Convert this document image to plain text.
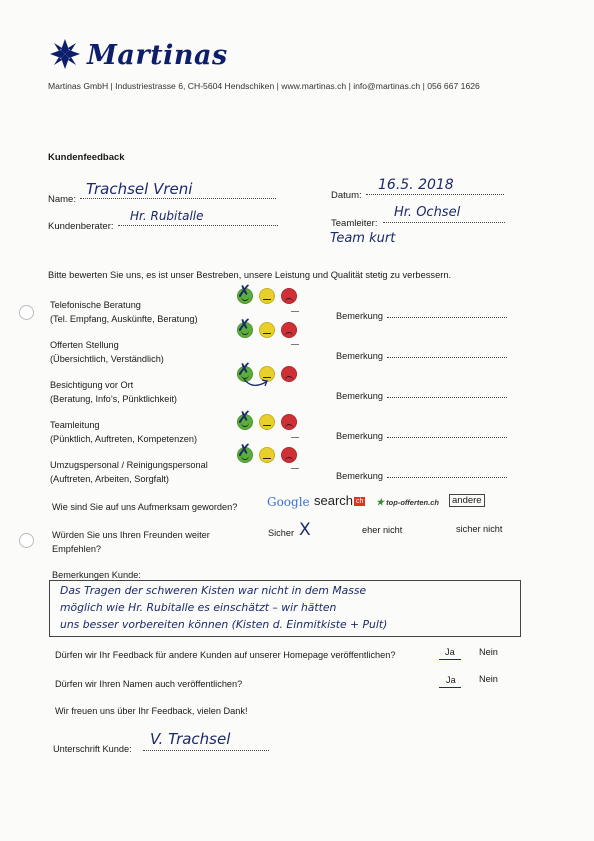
Martinas
Martinas GmbH | Industriestrasse 6, CH-5604 Hendschiken | www.martinas.ch | info@martinas.ch | 056 667 1626
Kundenfeedback
Name:
Trachsel Vreni	Datum:
16.5. 2018
Kundenberater:
Hr. Rubitalle
Teamleiter:
Hr. Ochsel
Team kurt
Bitte bewerten Sie uns, es ist unser Bestreben, unsere Leistung und Qualität stetig zu verbessern.
Telefonische Beratung
(Tel. Empfang, Auskünfte, Beratung)
✗
Bemerkung
Offerten Stellung
(Übersichtlich, Verständlich)
✗
Bemerkung
Besichtigung vor Ort
(Beratung, Info’s, Pünktlichkeit)
✗
Bemerkung
Teamleitung
(Pünktlich, Auftreten, Kompetenzen)
✗
Bemerkung
Umzugspersonal / Reinigungspersonal
(Auftreten, Arbeiten, Sorgfalt)
✗
Bemerkung
Wie sind Sie auf uns Aufmerksam geworden? Google search ch ★ top-offerten.ch	andere
Würden Sie uns Ihren Freunden weiter
Empfehlen?
Sicher X	eher nicht	sicher nicht
Bemerkungen Kunde:
Das Tragen der schweren Kisten war nicht in dem Masse
möglich wie Hr. Rubitalle es einschätzt – wir hätten
uns besser vorbereiten können (Kisten d. Einmitkiste + Pult)
Dürfen wir Ihr Feedback für andere Kunden auf unserer Homepage veröffentlichen?	Ja	Nein
Dürfen wir Ihren Namen auch veröffentlichen?	Ja	Nein
Wir freuen uns über Ihr Feedback, vielen Dank!
Unterschrift Kunde:
V. Trachsel
